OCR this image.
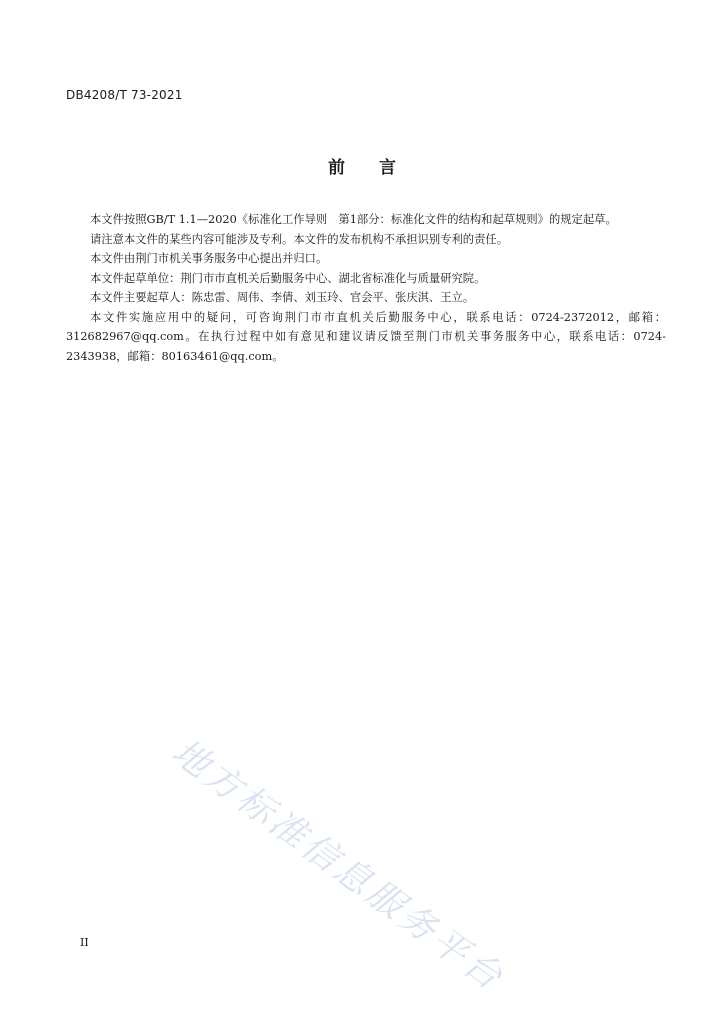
DB4208/T 73-2021
前言

本文件按照GB/T 1.1—2020《标准化工作导则　第1部分：标准化文件的结构和起草规则》的规定起草。

请注意本文件的某些内容可能涉及专利。本文件的发布机构不承担识别专利的责任。

本文件由荆门市机关事务服务中心提出并归口。

本文件起草单位：荆门市市直机关后勤服务中心、湖北省标准化与质量研究院。

本文件主要起草人：陈忠雷、周伟、李倩、刘玉玲、官会平、张庆淇、王立。

本文件实施应用中的疑问，可咨询荆门市市直机关后勤服务中心，联系电话：0724-2372012，邮箱：312682967@qq.com。在执行过程中如有意见和建议请反馈至荆门市机关事务服务中心，联系电话：0724-2343938，邮箱：80163461@qq.com。

地方标准信息服务平台
II
